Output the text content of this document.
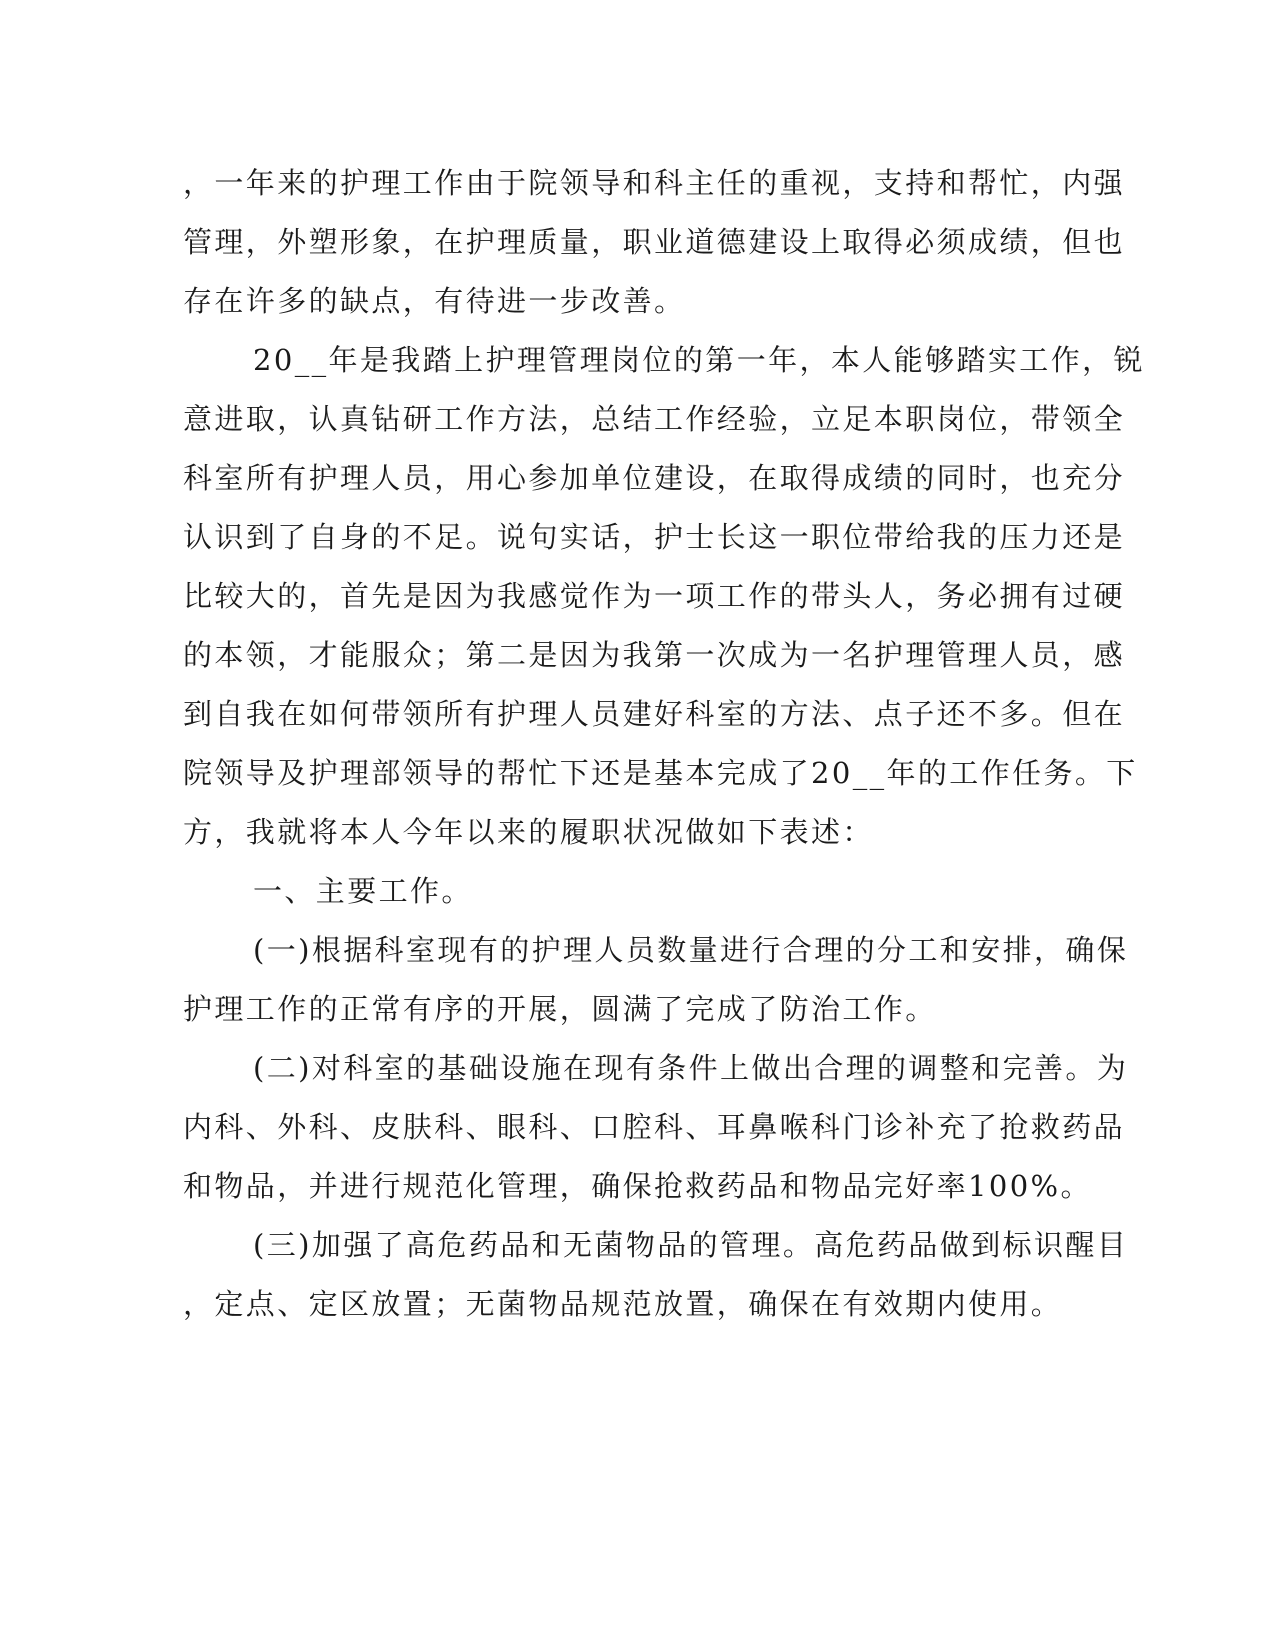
，一年来的护理工作由于院领导和科主任的重视，支持和帮忙，内强
管理，外塑形象，在护理质量，职业道德建设上取得必须成绩，但也
存在许多的缺点，有待进一步改善。
20__年是我踏上护理管理岗位的第一年，本人能够踏实工作，锐
意进取，认真钻研工作方法，总结工作经验，立足本职岗位，带领全
科室所有护理人员，用心参加单位建设，在取得成绩的同时，也充分
认识到了自身的不足。说句实话，护士长这一职位带给我的压力还是
比较大的，首先是因为我感觉作为一项工作的带头人，务必拥有过硬
的本领，才能服众；第二是因为我第一次成为一名护理管理人员，感
到自我在如何带领所有护理人员建好科室的方法、点子还不多。但在
院领导及护理部领导的帮忙下还是基本完成了20__年的工作任务。下
方，我就将本人今年以来的履职状况做如下表述：
一、主要工作。
(一)根据科室现有的护理人员数量进行合理的分工和安排，确保
护理工作的正常有序的开展，圆满了完成了防治工作。
(二)对科室的基础设施在现有条件上做出合理的调整和完善。为
内科、外科、皮肤科、眼科、口腔科、耳鼻喉科门诊补充了抢救药品
和物品，并进行规范化管理，确保抢救药品和物品完好率100%。
(三)加强了高危药品和无菌物品的管理。高危药品做到标识醒目
，定点、定区放置；无菌物品规范放置，确保在有效期内使用。
